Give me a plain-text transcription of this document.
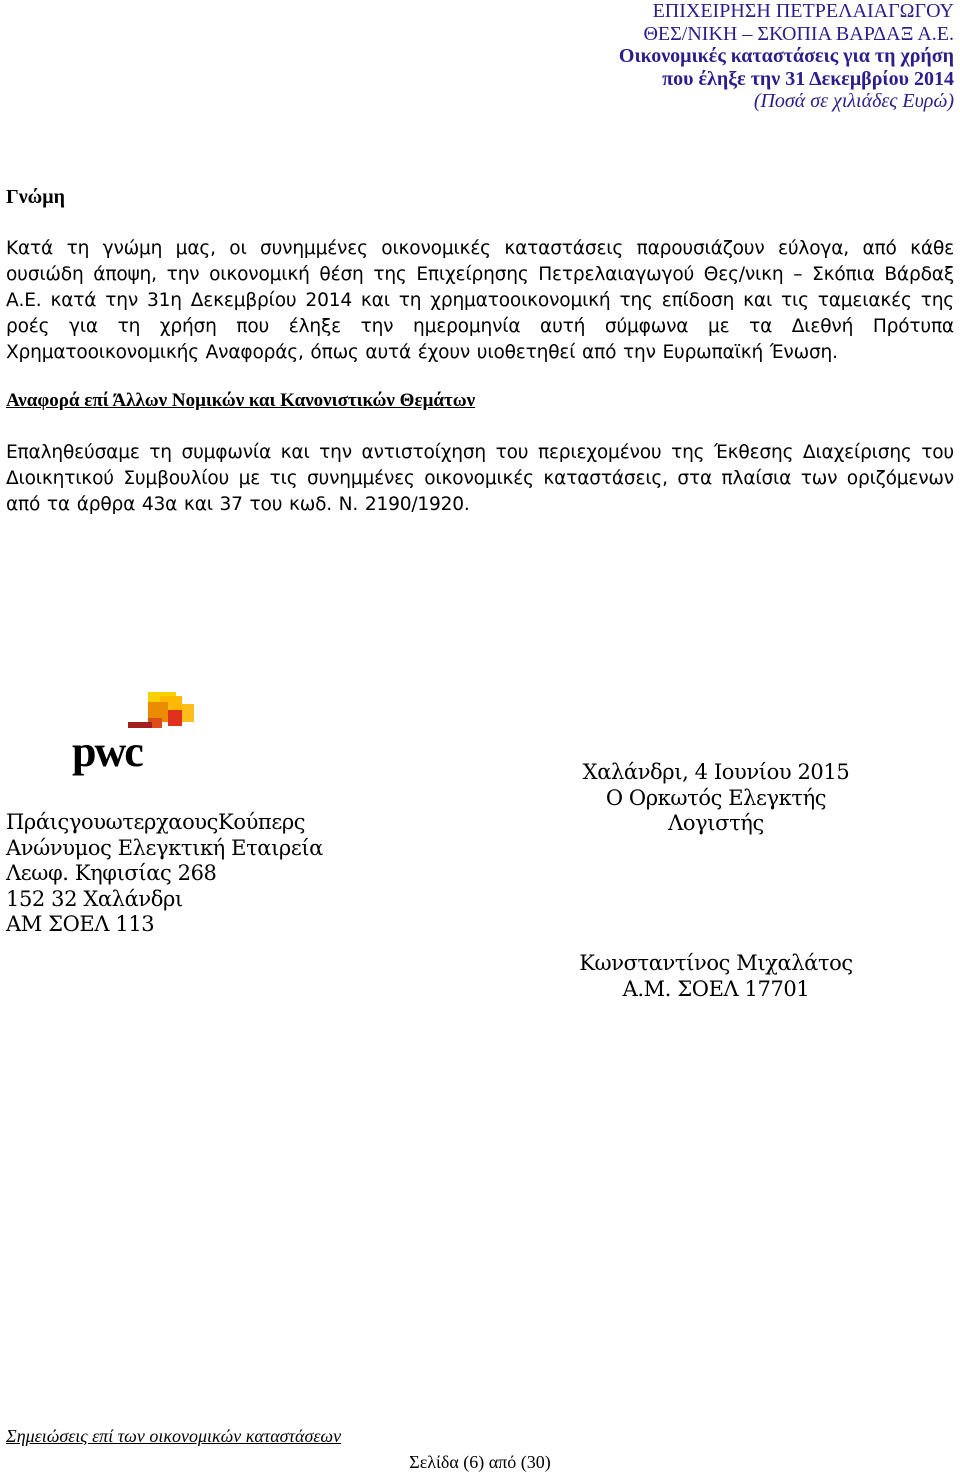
ΕΠΙΧΕΙΡΗΣΗ ΠΕΤΡΕΛΑΙΑΓΩΓΟΥ
ΘΕΣ/ΝΙΚΗ – ΣΚΟΠΙΑ ΒΑΡΔΑΞ Α.Ε.
Οικονομικές καταστάσεις για τη χρήση
που έληξε την 31 Δεκεμβρίου 2014
(Ποσά σε χιλιάδες Ευρώ)
Γνώμη
Κατά τη γνώμη μας, οι συνημμένες οικονομικές καταστάσεις παρουσιάζουν εύλογα, από κάθε ουσιώδη άποψη, την οικονομική θέση της Επιχείρησης Πετρελαιαγωγού Θες/νικη – Σκόπια Βάρδαξ Α.Ε. κατά την 31η Δεκεμβρίου 2014 και τη χρηματοοικονομική της επίδοση και τις ταμειακές της ροές για τη χρήση που έληξε την ημερομηνία αυτή σύμφωνα με τα Διεθνή Πρότυπα Χρηματοοικονομικής Αναφοράς, όπως αυτά έχουν υιοθετηθεί από την Ευρωπαϊκή Ένωση.
Αναφορά επί Άλλων Νομικών και Κανονιστικών Θεμάτων
Επαληθεύσαμε τη συμφωνία και την αντιστοίχηση του περιεχομένου της Έκθεσης Διαχείρισης του Διοικητικού Συμβουλίου με τις συνημμένες οικονομικές καταστάσεις, στα πλαίσια των οριζόμενων από τα άρθρα 43α και 37 του κωδ. Ν. 2190/1920.
pwc
ΠράιςγουωτερχαουςΚούπερς
Ανώνυμος Ελεγκτική Εταιρεία
Λεωφ. Κηφισίας 268
152 32 Χαλάνδρι
ΑΜ ΣΟΕΛ 113
Χαλάνδρι, 4 Ιουνίου 2015
Ο Ορκωτός Ελεγκτής Λογιστής
Κωνσταντίνος Μιχαλάτος
Α.Μ. ΣΟΕΛ 17701
Σημειώσεις επί των οικονομικών καταστάσεων
Σελίδα (6) από (30)
